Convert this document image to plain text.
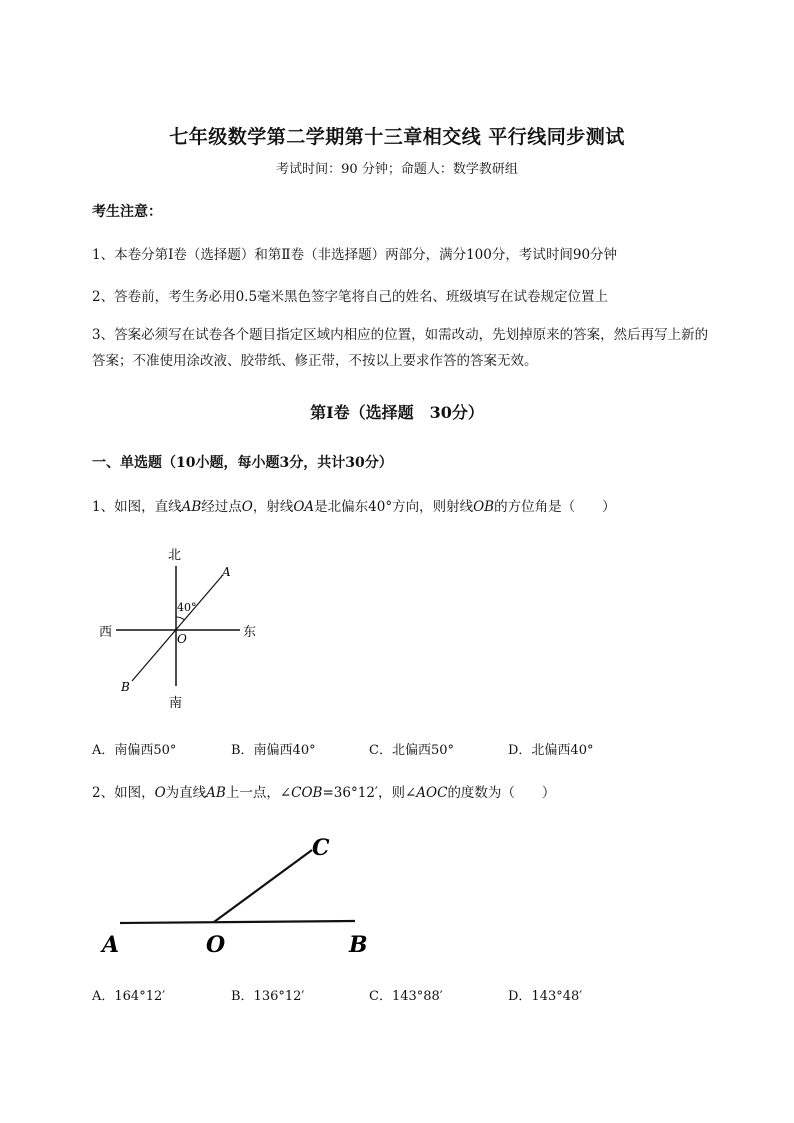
七年级数学第二学期第十三章相交线 平行线同步测试
考试时间：90 分钟；命题人：数学教研组
考生注意：
1、本卷分第Ⅰ卷（选择题）和第Ⅱ卷（非选择题）两部分，满分100分，考试时间90分钟
2、答卷前，考生务必用0.5毫米黑色签字笔将自己的姓名、班级填写在试卷规定位置上
3、答案必须写在试卷各个题目指定区域内相应的位置，如需改动，先划掉原来的答案，然后再写上新的答案；不准使用涂改液、胶带纸、修正带，不按以上要求作答的答案无效。
第Ⅰ卷（选择题　30分）
一、单选题（10小题，每小题3分，共计30分）
1、如图，直线AB经过点O，射线OA是北偏东40°方向，则射线OB的方位角是（　　）
北
南
西	东
A
B
O
40°
A．南偏西50°	B．南偏西40°	C．北偏西50°	D．北偏西40°
2、如图，O为直线AB上一点，∠COB=36°12′，则∠AOC的度数为（　　）
A	O	B
C
A．164°12′	B．136°12′	C．143°88′	D．143°48′
